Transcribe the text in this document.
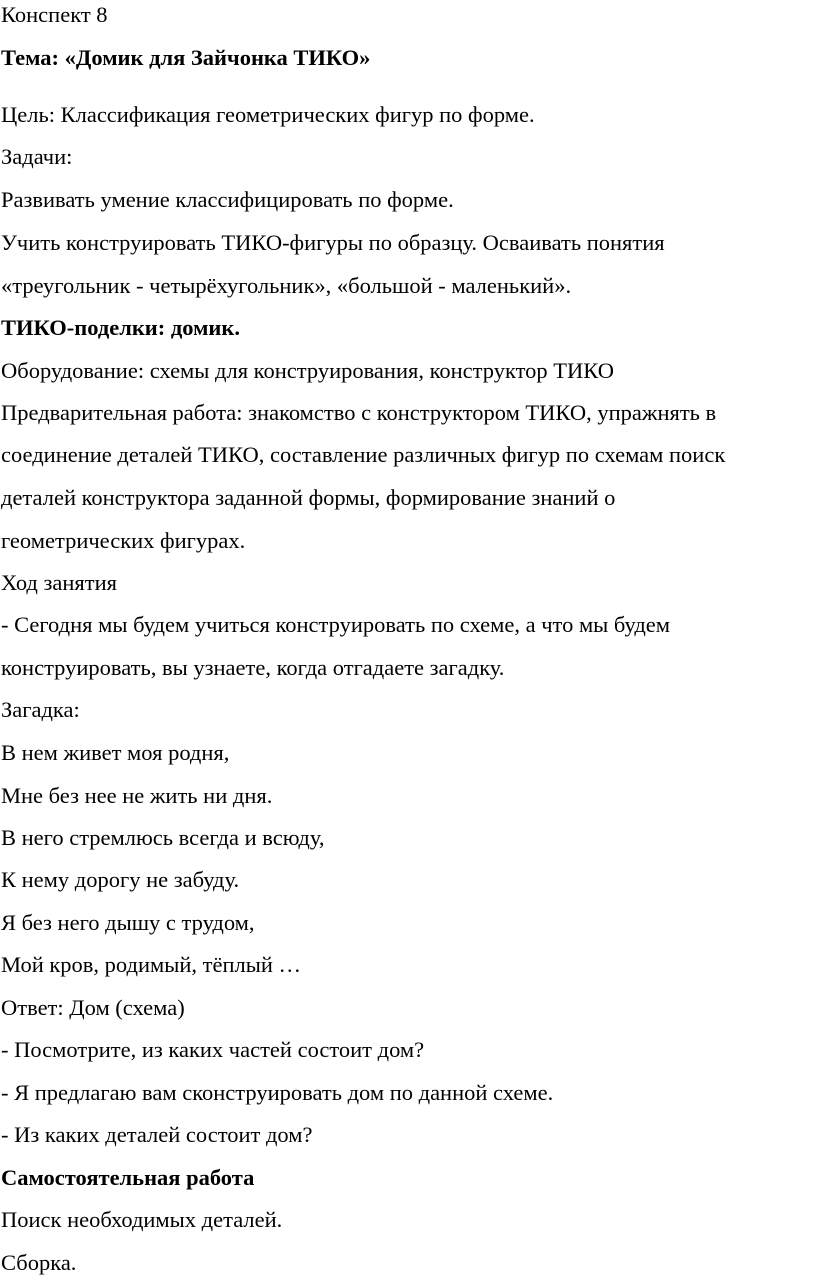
Конспект 8
Тема: «Домик для Зайчонка ТИКО»
Цель: Классификация геометрических фигур по форме.
Задачи:
Развивать умение классифицировать по форме.
Учить конструировать ТИКО-фигуры по образцу. Осваивать понятия
«треугольник - четырёхугольник», «большой - маленький».
ТИКО-поделки: домик.
Оборудование: схемы для конструирования, конструктор ТИКО
Предварительная работа: знакомство с конструктором ТИКО, упражнять в
соединение деталей ТИКО, составление различных фигур по схемам поиск
деталей конструктора заданной формы, формирование знаний о
геометрических фигурах.
Ход занятия
- Сегодня мы будем учиться конструировать по схеме, а что мы будем
конструировать, вы узнаете, когда отгадаете загадку.
Загадка:
В нем живет моя родня,
Мне без нее не жить ни дня.
В него стремлюсь всегда и всюду,
К нему дорогу не забуду.
Я без него дышу с трудом,
Мой кров, родимый, тёплый …
Ответ: Дом (схема)
- Посмотрите, из каких частей состоит дом?
- Я предлагаю вам сконструировать дом по данной схеме.
- Из каких деталей состоит дом?
Самостоятельная работа
Поиск необходимых деталей.
Сборка.
